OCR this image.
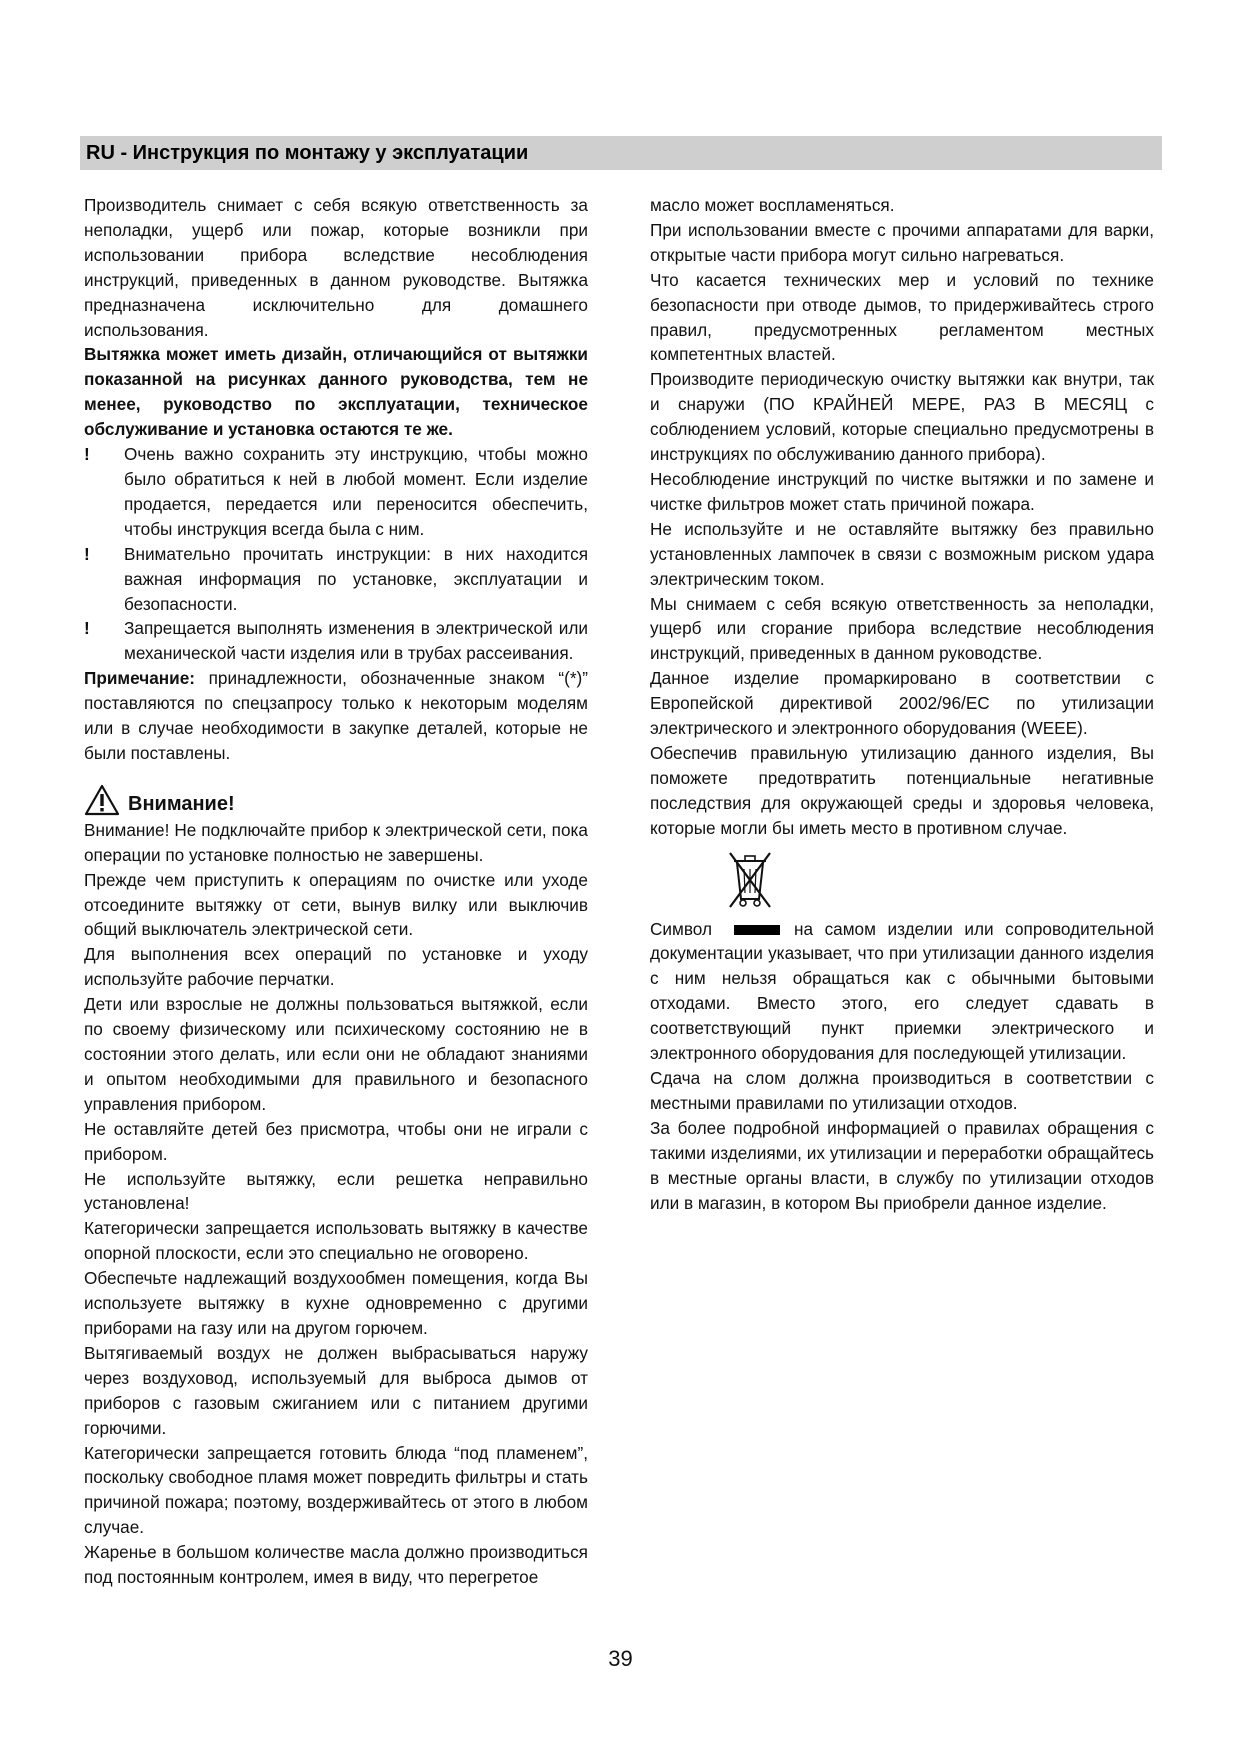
RU - Инструкция по монтажу у эксплуатации

Производитель снимает с себя всякую ответственность за неполадки, ущерб или пожар, которые возникли при использовании прибора вследствие несоблюдения инструкций, приведенных в данном руководстве. Вытяжка предназначена исключительно для домашнего использования.

Вытяжка может иметь дизайн, отличающийся от вытяжки показанной на рисунках данного руководства, тем не менее, руководство по эксплуатации, техническое обслуживание и установка остаются те же.

! Очень важно сохранить эту инструкцию, чтобы можно было обратиться к ней в любой момент. Если изделие продается, передается или переносится обеспечить, чтобы инструкция всегда была с ним.
! Внимательно прочитать инструкции: в них находится важная информация по установке, эксплуатации и безопасности.
! Запрещается выполнять изменения в электрической или механической части изделия или в трубах рассеивания.

Примечание: принадлежности, обозначенные знаком “(*)” поставляются по спецзапросу только к некоторым моделям или в случае необходимости в закупке деталей, которые не были поставлены.

Внимание!

Внимание! Не подключайте прибор к электрической сети, пока операции по установке полностью не завершены.

Прежде чем приступить к операциям по очистке или уходе отсоедините вытяжку от сети, вынув вилку или выключив общий выключатель электрической сети.

Для выполнения всех операций по установке и уходу используйте рабочие перчатки.

Дети или взрослые не должны пользоваться вытяжкой, если по своему физическому или психическому состоянию не в состоянии этого делать, или если они не обладают знаниями и опытом необходимыми для правильного и безопасного управления прибором.

Не оставляйте детей без присмотра, чтобы они не играли с прибором.

Не используйте вытяжку, если решетка неправильно установлена!

Категорически запрещается использовать вытяжку в качестве опорной плоскости, если это специально не оговорено.

Обеспечьте надлежащий воздухообмен помещения, когда Вы используете вытяжку в кухне одновременно с другими приборами на газу или на другом горючем.

Вытягиваемый воздух не должен выбрасываться наружу через воздуховод, используемый для выброса дымов от приборов с газовым сжиганием или с питанием другими горючими.

Категорически запрещается готовить блюда “под пламенем”, поскольку свободное пламя может повредить фильтры и стать причиной пожара; поэтому, воздерживайтесь от этого в любом случае.

Жаренье в большом количестве масла должно производиться под постоянным контролем, имея в виду, что перегретое

масло может воспламеняться.

При использовании вместе с прочими аппаратами для варки, открытые части прибора могут сильно нагреваться.

Что касается технических мер и условий по технике безопасности при отводе дымов, то придерживайтесь строго правил, предусмотренных регламентом местных компетентных властей.

Производите периодическую очистку вытяжки как внутри, так и снаружи (ПО КРАЙНЕЙ МЕРЕ, РАЗ В МЕСЯЦ с соблюдением условий, которые специально предусмотрены в инструкциях по обслуживанию данного прибора).

Несоблюдение инструкций по чистке вытяжки и по замене и чистке фильтров может стать причиной пожара.

Не используйте и не оставляйте вытяжку без правильно установленных лампочек в связи с возможным риском удара электрическим током.

Мы снимаем с себя всякую ответственность за неполадки, ущерб или сгорание прибора вследствие несоблюдения инструкций, приведенных в данном руководстве.

Данное изделие промаркировано в соответствии с Европейской директивой 2002/96/EC по утилизации электрического и электронного оборудования (WEEE).

Обеспечив правильную утилизацию данного изделия, Вы поможете предотвратить потенциальные негативные последствия для окружающей среды и здоровья человека, которые могли бы иметь место в противном случае.

Символ	на самом изделии или сопроводительной документации указывает, что при утилизации данного изделия с ним нельзя обращаться как с обычными бытовыми отходами. Вместо этого, его следует сдавать в соответствующий пункт приемки электрического и электронного оборудования для последующей утилизации.

Сдача на слом должна производиться в соответствии с местными правилами по утилизации отходов.

За более подробной информацией о правилах обращения с такими изделиями, их утилизации и переработки обращайтесь в местные органы власти, в службу по утилизации отходов или в магазин, в котором Вы приобрели данное изделие.

39
